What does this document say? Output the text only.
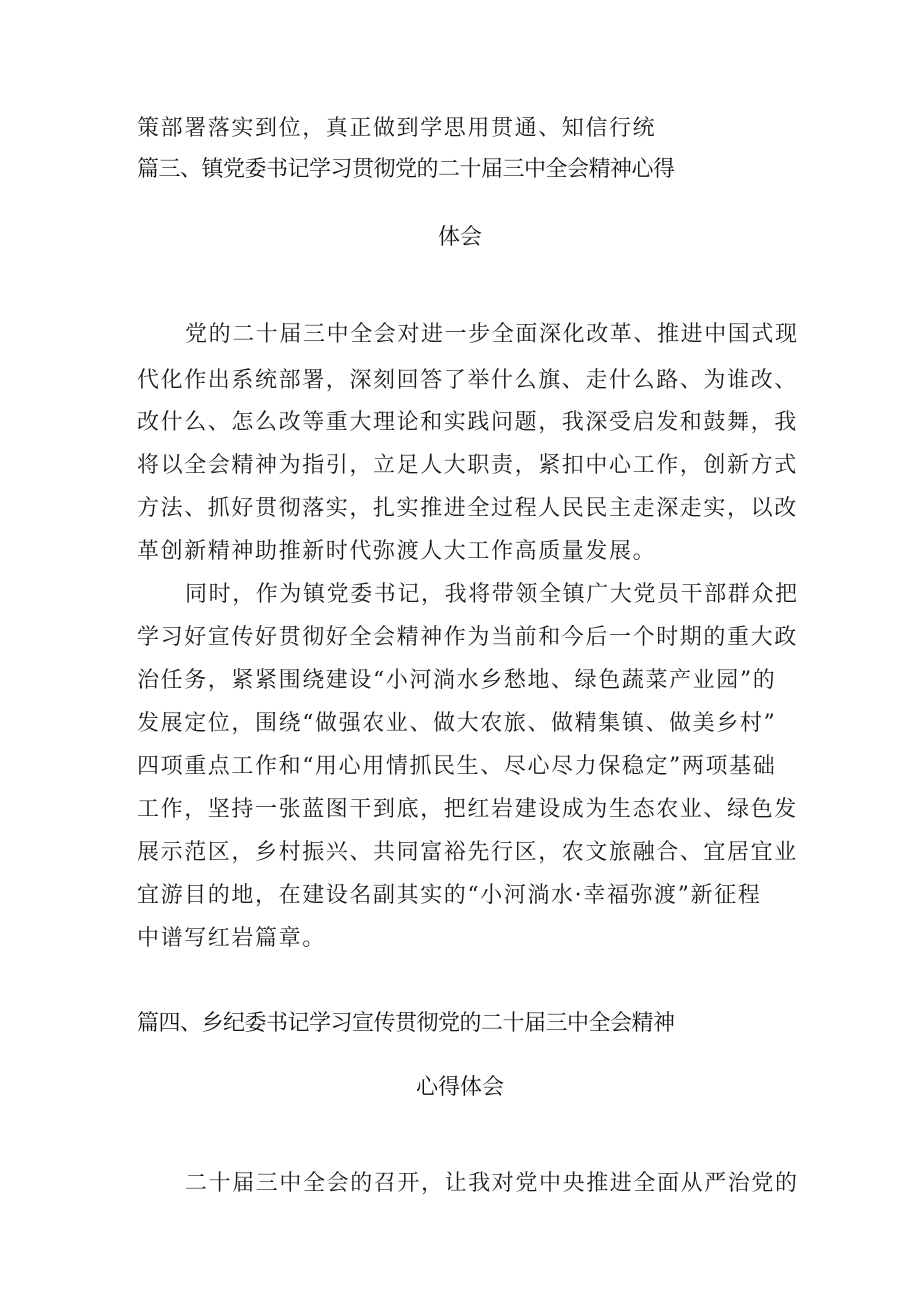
策部署落实到位，真正做到学思用贯通、知信行统

篇三、镇党委书记学习贯彻党的二十届三中全会精神心得
体会

党的二十届三中全会对进一步全面深化改革、推进中国式现

代化作出系统部署，深刻回答了举什么旗、走什么路、为谁改、

改什么、怎么改等重大理论和实践问题，我深受启发和鼓舞，我

将以全会精神为指引，立足人大职责，紧扣中心工作，创新方式

方法、抓好贯彻落实，扎实推进全过程人民民主走深走实，以改

革创新精神助推新时代弥渡人大工作高质量发展。

同时，作为镇党委书记，我将带领全镇广大党员干部群众把

学习好宣传好贯彻好全会精神作为当前和今后一个时期的重大政

治任务，紧紧围绕建设“小河淌水乡愁地、绿色蔬菜产业园”的

发展定位，围绕“做强农业、做大农旅、做精集镇、做美乡村”

四项重点工作和“用心用情抓民生、尽心尽力保稳定”两项基础

工作，坚持一张蓝图干到底，把红岩建设成为生态农业、绿色发

展示范区，乡村振兴、共同富裕先行区，农文旅融合、宜居宜业

宜游目的地，在建设名副其实的“小河淌水·幸福弥渡”新征程

中谱写红岩篇章。

篇四、乡纪委书记学习宣传贯彻党的二十届三中全会精神
心得体会

二十届三中全会的召开，让我对党中央推进全面从严治党的
